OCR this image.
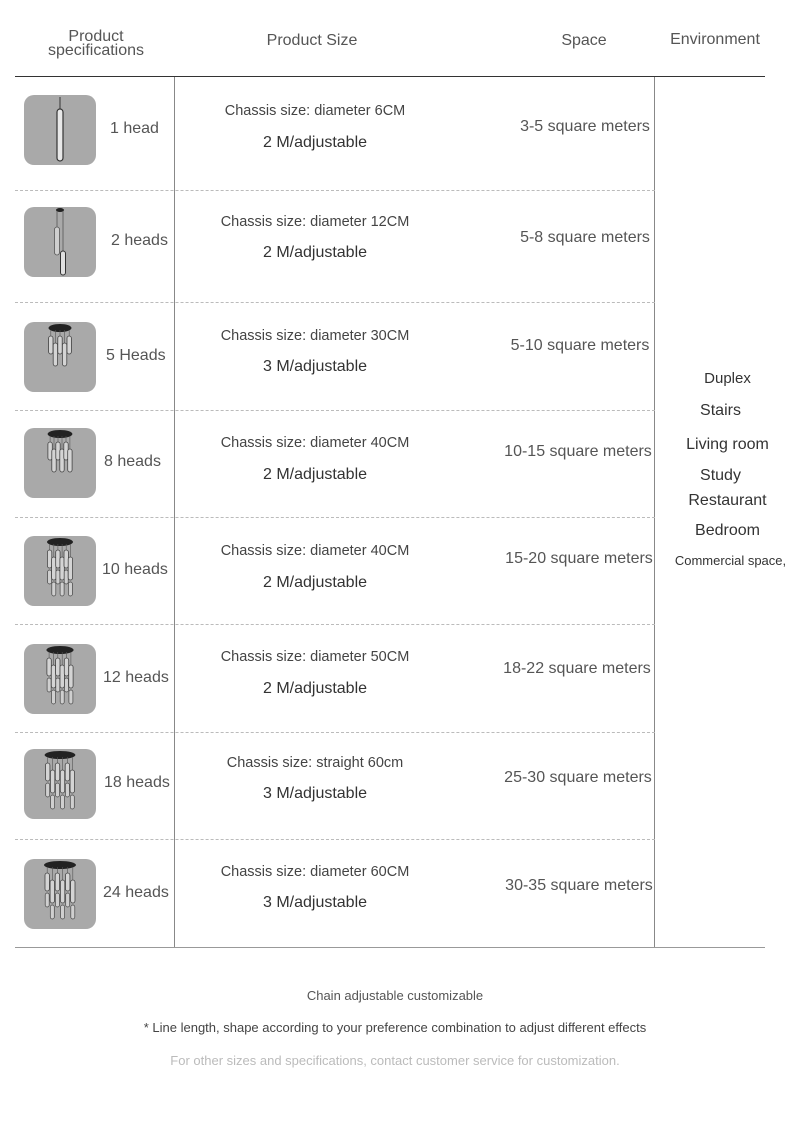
Product specifications
Product Size	Space	Environment
1 head
Chassis size: diameter 6CM
2 M/adjustable
3-5 square meters
2 heads
Chassis size: diameter 12CM
2 M/adjustable
5-8 square meters
5 Heads
Chassis size: diameter 30CM
3 M/adjustable
5-10 square meters
8 heads
Chassis size: diameter 40CM
2 M/adjustable
10-15 square meters
10 heads
Chassis size: diameter 40CM
2 M/adjustable
15-20 square meters
12 heads
Chassis size: diameter 50CM
2 M/adjustable
18-22 square meters
18 heads
Chassis size: straight 60cm
3 M/adjustable
25-30 square meters
24 heads
Chassis size: diameter 60CM
3 M/adjustable
30-35 square meters
Duplex
Stairs
Living room
Study
Restaurant
Bedroom
Commercial space,
Chain adjustable customizable
* Line length, shape according to your preference combination to adjust different effects
For other sizes and specifications, contact customer service for customization.
